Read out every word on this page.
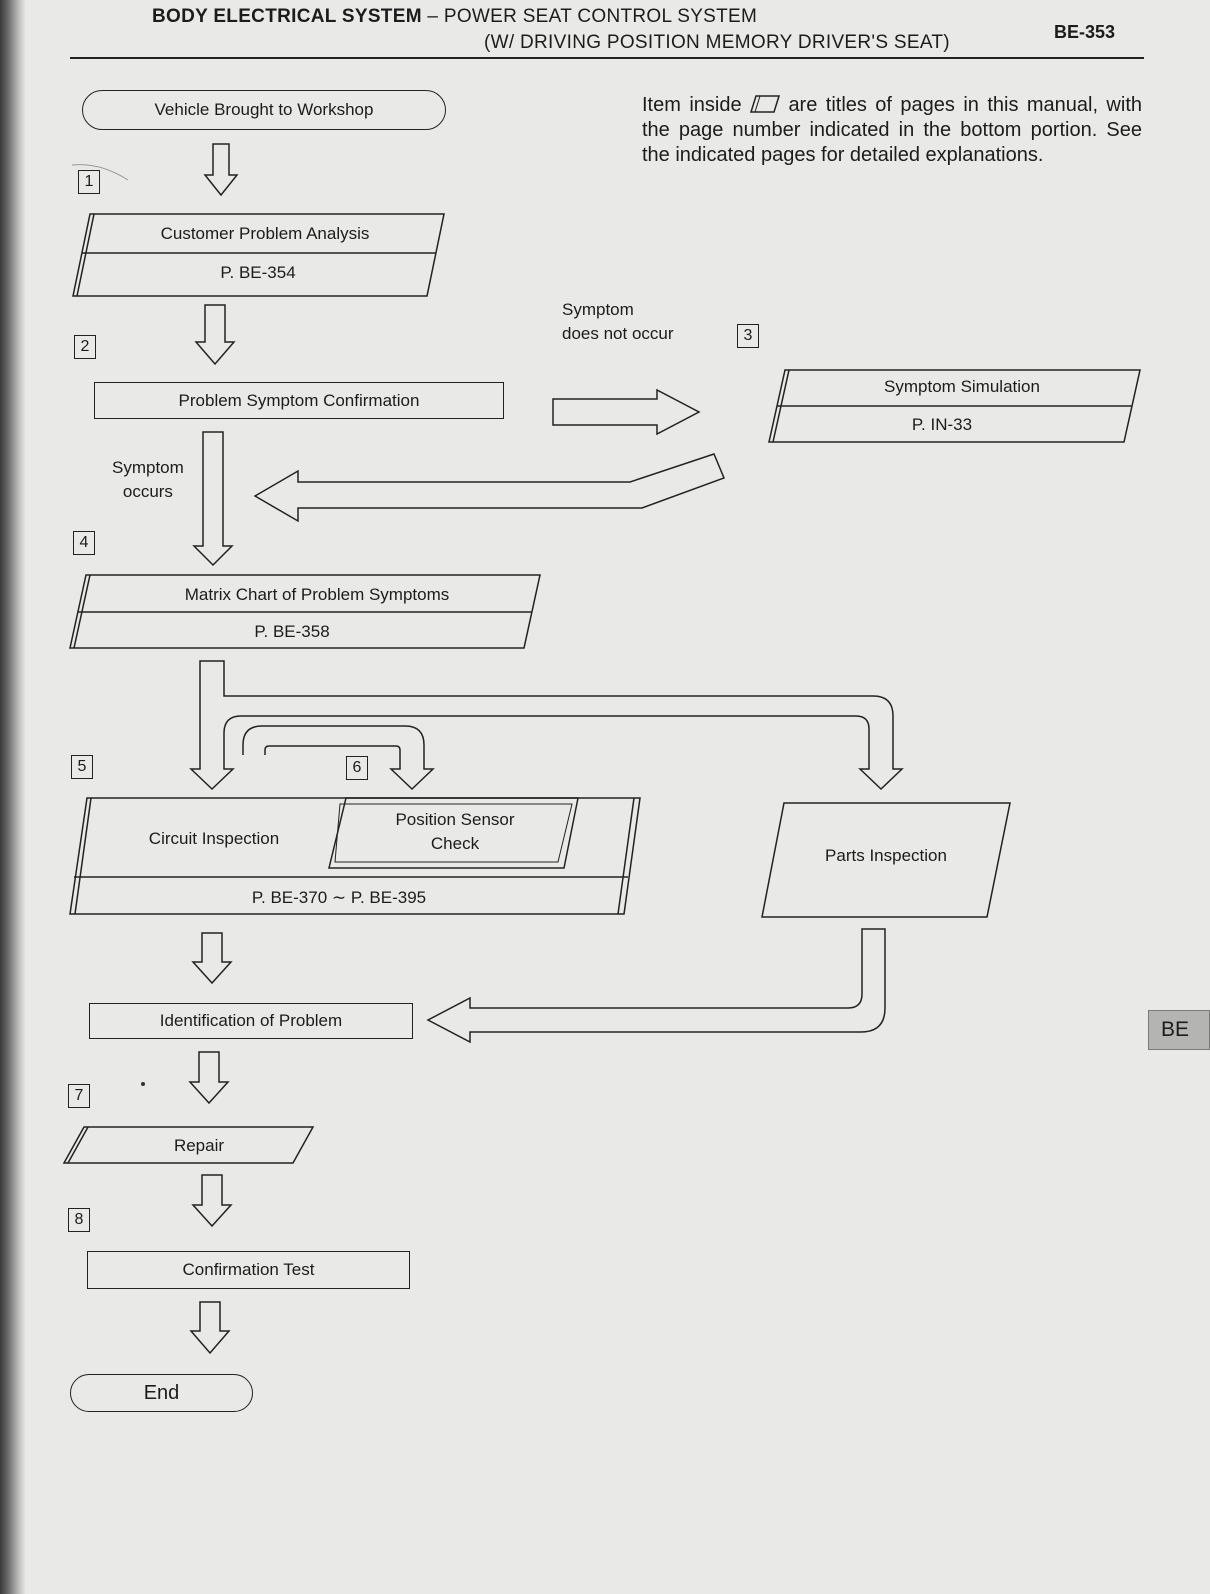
BODY ELECTRICAL SYSTEM – POWER SEAT CONTROL SYSTEM
(W/ DRIVING POSITION MEMORY DRIVER'S SEAT)	BE-353
Item inside  are titles of pages in this manual, with the page number indicated in the bottom portion. See the indicated pages for detailed explanations.
Vehicle Brought to Workshop
1
2
3
4
5	6
7
8
Customer Problem Analysis
P. BE-354
Symptom
does not occur
Problem Symptom Confirmation
Symptom Simulation
P. IN-33
Symptom
occurs
Matrix Chart of Problem Symptoms
P. BE-358
Circuit Inspection
Position Sensor
Check
P. BE-370 ∼ P. BE-395
Parts Inspection
Identification of Problem
Repair
Confirmation Test
End
BE
